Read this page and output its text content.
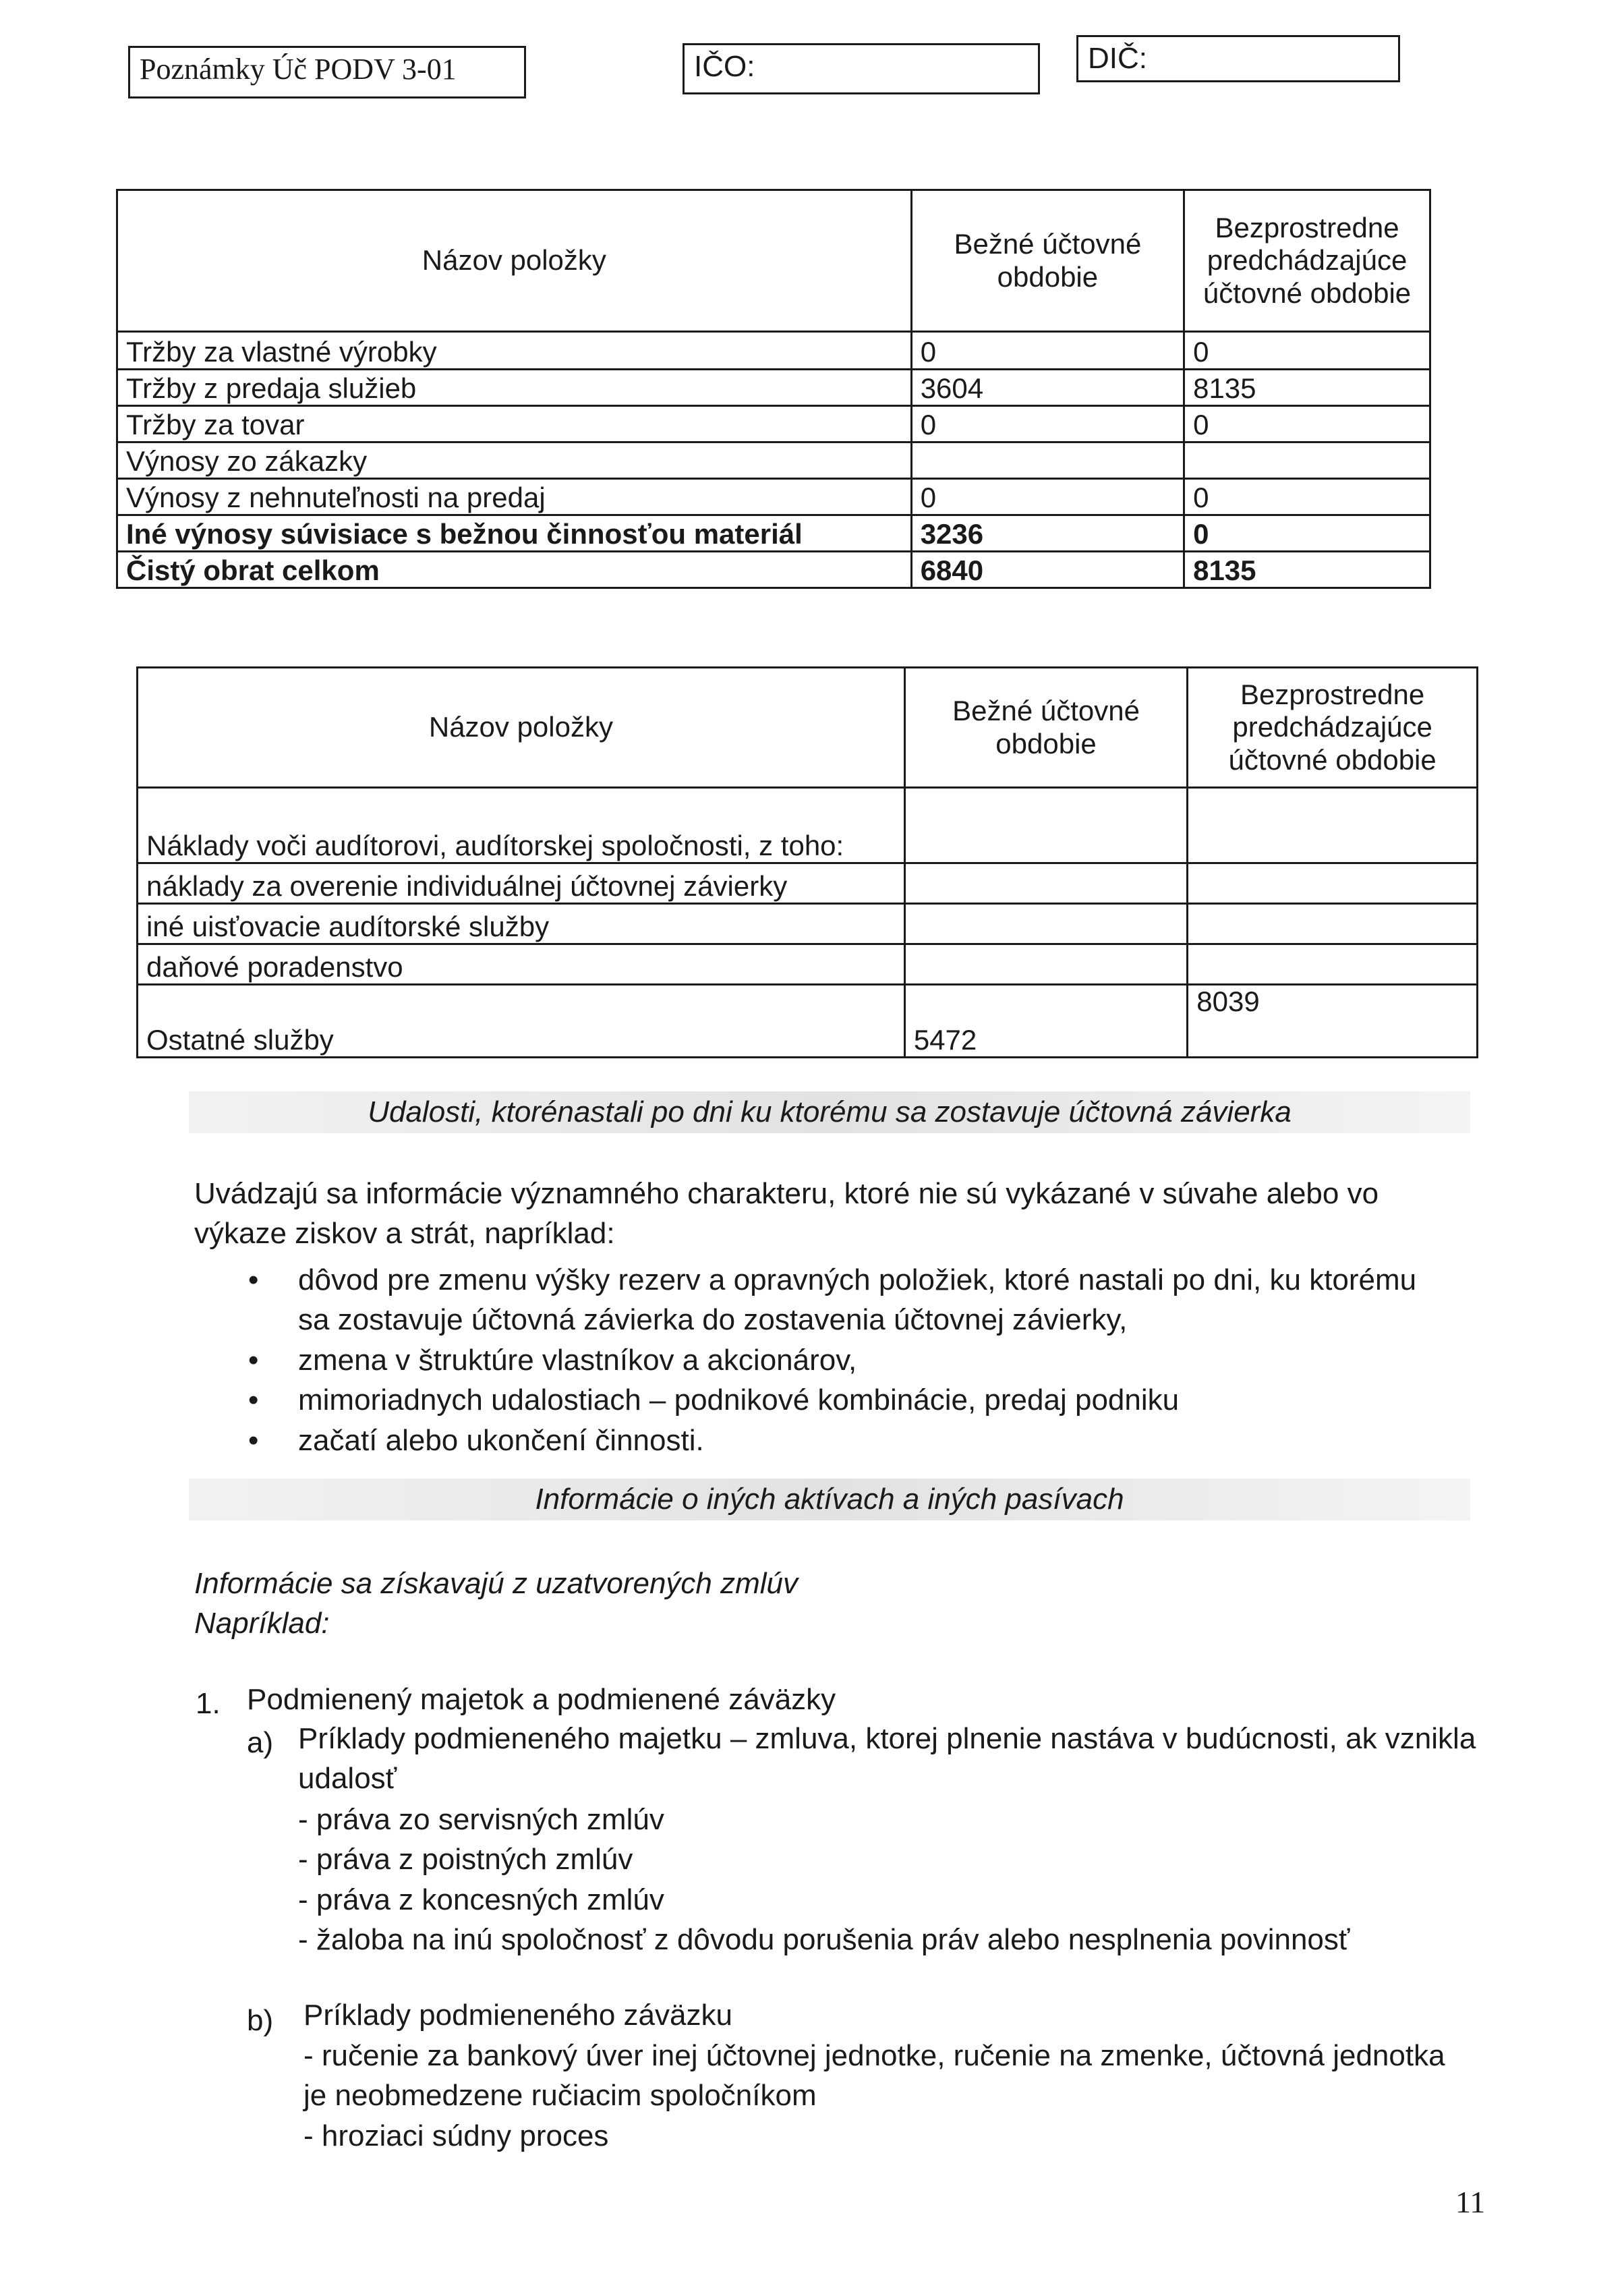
Poznámky Úč PODV 3-01	IČO:	DIČ:
Názov položky	Bežné účtovné obdobie	Bezprostredne predchádzajúce účtovné obdobie
Tržby za vlastné výrobky	0	0
Tržby z predaja služieb	3604	8135
Tržby za tovar	0	0
Výnosy zo zákazky		
Výnosy z nehnuteľnosti na predaj	0	0
Iné výnosy súvisiace s bežnou činnosťou materiál	3236	0
Čistý obrat celkom	6840	8135
Názov položky	Bežné účtovné obdobie	Bezprostredne predchádzajúce účtovné obdobie
Náklady voči audítorovi, audítorskej spoločnosti, z toho:		
náklady za overenie individuálnej účtovnej závierky		
iné uisťovacie audítorské služby		
daňové poradenstvo		
Ostatné služby	5472	8039
Udalosti, ktorénastali po dni ku ktorému sa zostavuje účtovná závierka
Uvádzajú sa informácie významného charakteru, ktoré nie sú vykázané v súvahe alebo vo výkaze ziskov a strát, napríklad:
• dôvod pre zmenu výšky rezerv a opravných položiek, ktoré nastali po dni, ku ktorému sa zostavuje účtovná závierka do zostavenia účtovnej závierky,
• zmena v štruktúre vlastníkov a akcionárov,
• mimoriadnych udalostiach – podnikové kombinácie, predaj podniku
• začatí alebo ukončení činnosti.
Informácie o iných aktívach a iných pasívach
Informácie sa získavajú z uzatvorených zmlúv
Napríklad:
1. Podmienený majetok a podmienené záväzky
a) Príklady podmieneného majetku – zmluva, ktorej plnenie nastáva v budúcnosti, ak vznikla udalosť
- práva zo servisných zmlúv
- práva z poistných zmlúv
- práva z koncesných zmlúv
- žaloba na inú spoločnosť z dôvodu porušenia práv alebo nesplnenia povinnosť
b) Príklady podmieneného záväzku
- ručenie za bankový úver inej účtovnej jednotke, ručenie na zmenke, účtovná jednotka je neobmedzene ručiacim spoločníkom
- hroziaci súdny proces
11
